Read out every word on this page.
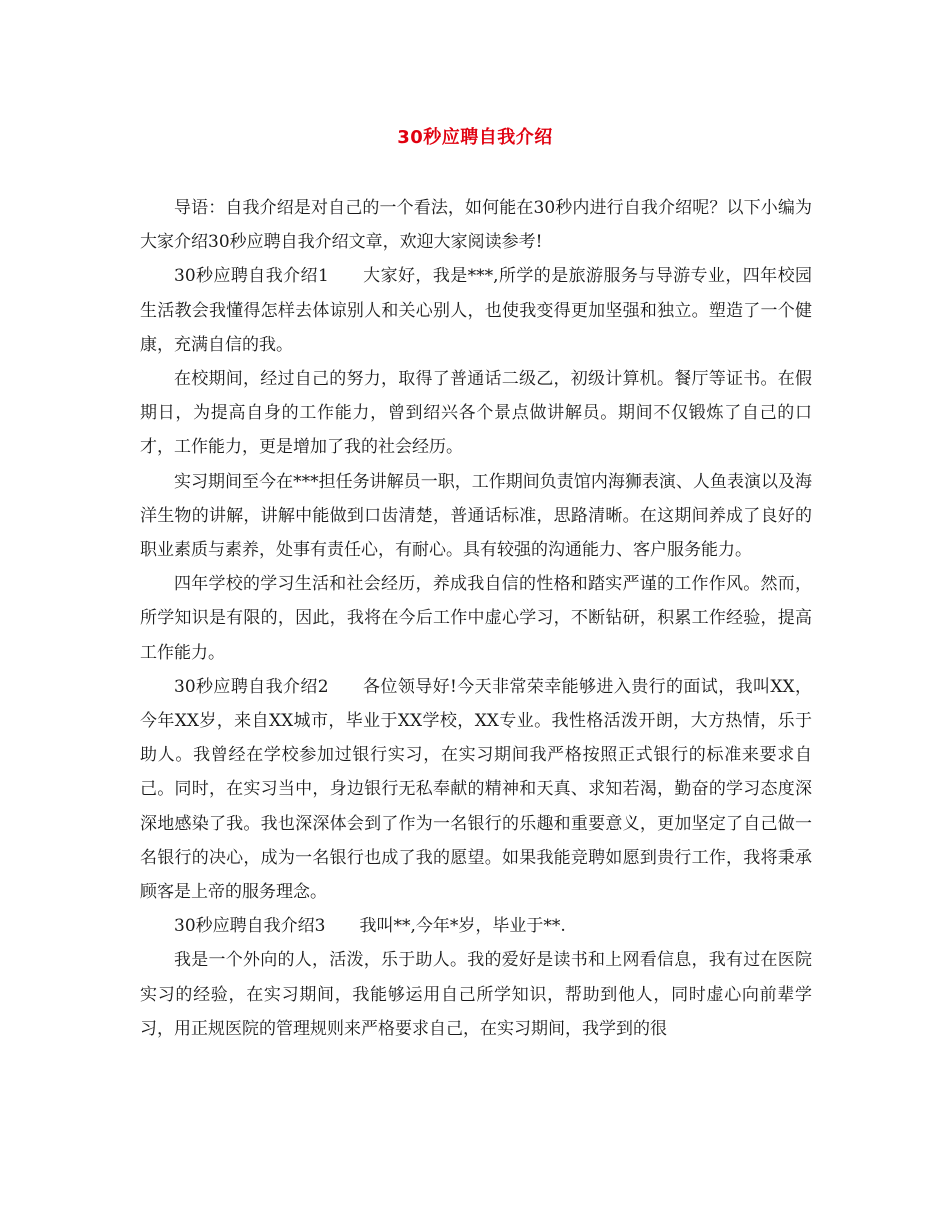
30秒应聘自我介绍

导语：自我介绍是对自己的一个看法，如何能在30秒内进行自我介绍呢？以下小编为大家介绍30秒应聘自我介绍文章，欢迎大家阅读参考!

30秒应聘自我介绍1 大家好，我是***,所学的是旅游服务与导游专业，四年校园生活教会我懂得怎样去体谅别人和关心别人，也使我变得更加坚强和独立。塑造了一个健康，充满自信的我。

在校期间，经过自己的努力，取得了普通话二级乙，初级计算机。餐厅等证书。在假期日，为提高自身的工作能力，曾到绍兴各个景点做讲解员。期间不仅锻炼了自己的口才，工作能力，更是增加了我的社会经历。

实习期间至今在***担任务讲解员一职，工作期间负责馆内海狮表演、人鱼表演以及海洋生物的讲解，讲解中能做到口齿清楚，普通话标准，思路清晰。在这期间养成了良好的职业素质与素养，处事有责任心，有耐心。具有较强的沟通能力、客户服务能力。

四年学校的学习生活和社会经历，养成我自信的性格和踏实严谨的工作作风。然而，所学知识是有限的，因此，我将在今后工作中虚心学习，不断钻研，积累工作经验，提高工作能力。

30秒应聘自我介绍2 各位领导好!今天非常荣幸能够进入贵行的面试，我叫XX，今年XX岁，来自XX城市，毕业于XX学校，XX专业。我性格活泼开朗，大方热情，乐于助人。我曾经在学校参加过银行实习，在实习期间我严格按照正式银行的标准来要求自己。同时，在实习当中，身边银行无私奉献的精神和天真、求知若渴，勤奋的学习态度深深地感染了我。我也深深体会到了作为一名银行的乐趣和重要意义，更加坚定了自己做一名银行的决心，成为一名银行也成了我的愿望。如果我能竞聘如愿到贵行工作，我将秉承顾客是上帝的服务理念。

30秒应聘自我介绍3 我叫**,今年*岁，毕业于**.

我是一个外向的人，活泼，乐于助人。我的爱好是读书和上网看信息，我有过在医院实习的经验，在实习期间，我能够运用自己所学知识，帮助到他人，同时虚心向前辈学习，用正规医院的管理规则来严格要求自己，在实习期间，我学到的很
